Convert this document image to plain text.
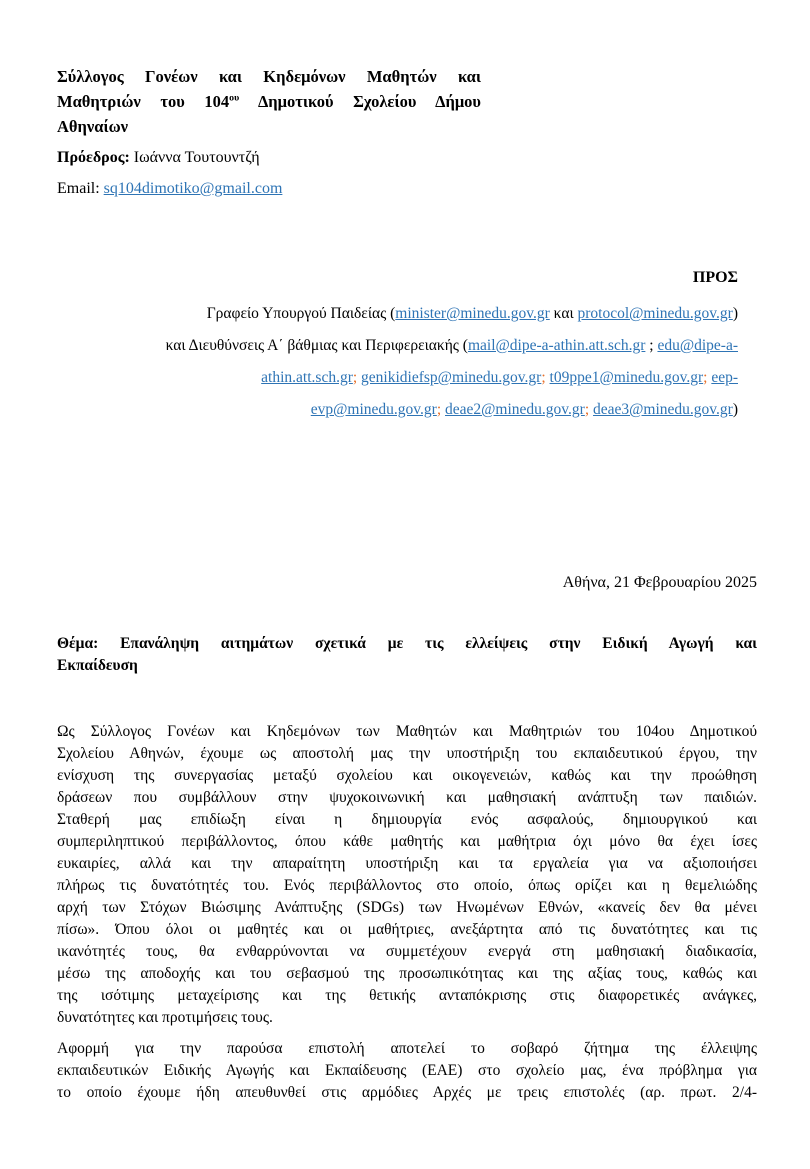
Σύλλογος Γονέων και Κηδεμόνων Μαθητών και
Μαθητριών του $104^{o\upsilon}$ Δημοτικού Σχολείου Δήμου
Αθηναίων
Πρόεδρος: Ιωάννα Τουτουντζή
Email: sq104dimotiko@gmail.com
ΠΡΟΣ
Γραφείο Υπουργού Παιδείας (minister@minedu.gov.gr και protocol@minedu.gov.gr)
και Διευθύνσεις Α΄ βάθμιας και Περιφερειακής (mail@dipe-a-athin.att.sch.gr ; edu@dipe-a-
athin.att.sch.gr; genikidiefsp@minedu.gov.gr; t09ppe1@minedu.gov.gr; eep-
evp@minedu.gov.gr; deae2@minedu.gov.gr; deae3@minedu.gov.gr)
Αθήνα, 21 Φεβρουαρίου 2025
Θέμα: Επανάληψη αιτημάτων σχετικά με τις ελλείψεις στην Ειδική Αγωγή και
Εκπαίδευση
Ως Σύλλογος Γονέων και Κηδεμόνων των Μαθητών και Μαθητριών του 104ου Δημοτικού
Σχολείου Αθηνών, έχουμε ως αποστολή μας την υποστήριξη του εκπαιδευτικού έργου, την
ενίσχυση της συνεργασίας μεταξύ σχολείου και οικογενειών, καθώς και την προώθηση
δράσεων που συμβάλλουν στην ψυχοκοινωνική και μαθησιακή ανάπτυξη των παιδιών.
Σταθερή μας επιδίωξη είναι η δημιουργία ενός ασφαλούς, δημιουργικού και
συμπεριληπτικού περιβάλλοντος, όπου κάθε μαθητής και μαθήτρια όχι μόνο θα έχει ίσες
ευκαιρίες, αλλά και την απαραίτητη υποστήριξη και τα εργαλεία για να αξιοποιήσει
πλήρως τις δυνατότητές του. Ενός περιβάλλοντος στο οποίο, όπως ορίζει και η θεμελιώδης
αρχή των Στόχων Βιώσιμης Ανάπτυξης (SDGs) των Ηνωμένων Εθνών, «κανείς δεν θα μένει
πίσω». Όπου όλοι οι μαθητές και οι μαθήτριες, ανεξάρτητα από τις δυνατότητες και τις
ικανότητές τους, θα ενθαρρύνονται να συμμετέχουν ενεργά στη μαθησιακή διαδικασία,
μέσω της αποδοχής και του σεβασμού της προσωπικότητας και της αξίας τους, καθώς και
της ισότιμης μεταχείρισης και της θετικής ανταπόκρισης στις διαφορετικές ανάγκες,
δυνατότητες και προτιμήσεις τους.
Αφορμή για την παρούσα επιστολή αποτελεί το σοβαρό ζήτημα της έλλειψης
εκπαιδευτικών Ειδικής Αγωγής και Εκπαίδευσης (ΕΑΕ) στο σχολείο μας, ένα πρόβλημα για
το οποίο έχουμε ήδη απευθυνθεί στις αρμόδιες Αρχές με τρεις επιστολές (αρ. πρωτ. 2/4-
